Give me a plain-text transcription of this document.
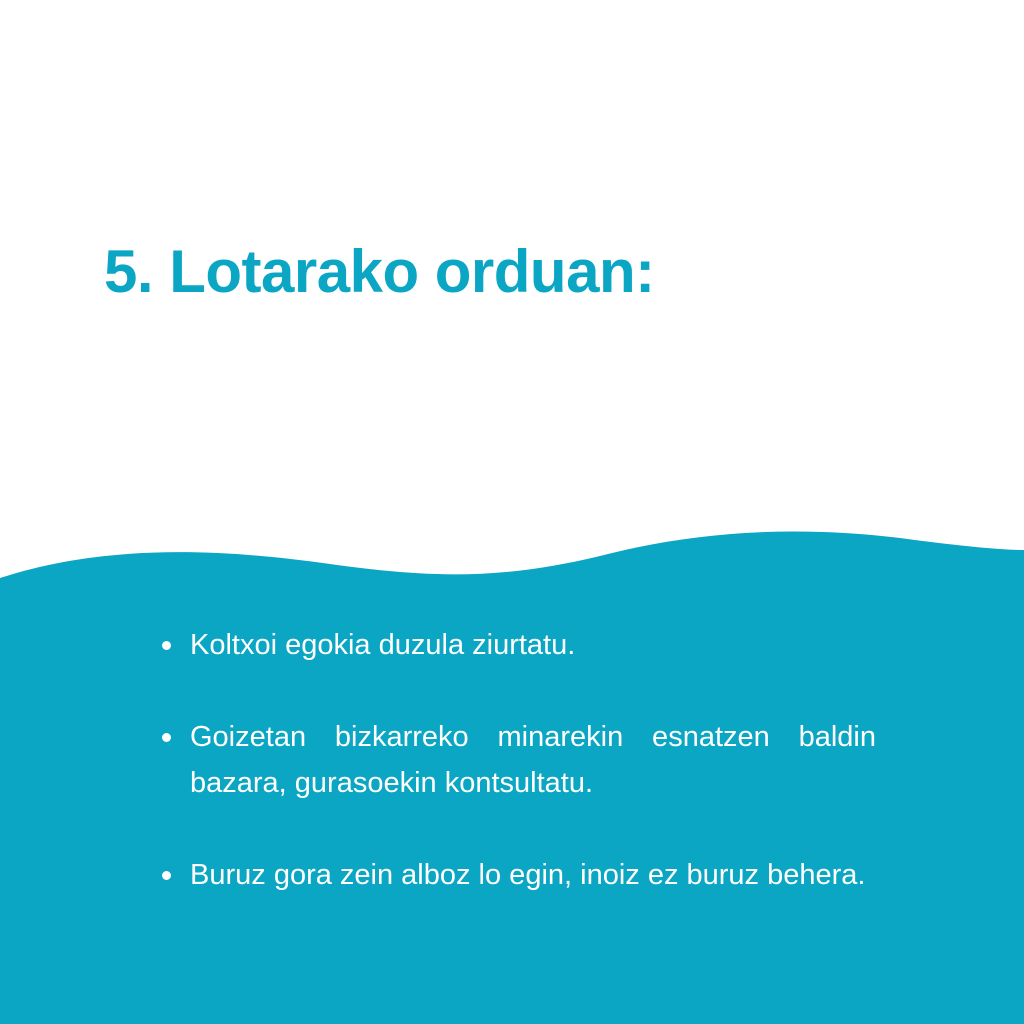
5. Lotarako orduan:
Koltxoi egokia duzula ziurtatu.
Goizetan bizkarreko minarekin esnatzen baldin bazara, gurasoekin kontsultatu.
Buruz gora zein alboz lo egin, inoiz ez buruz behera.
